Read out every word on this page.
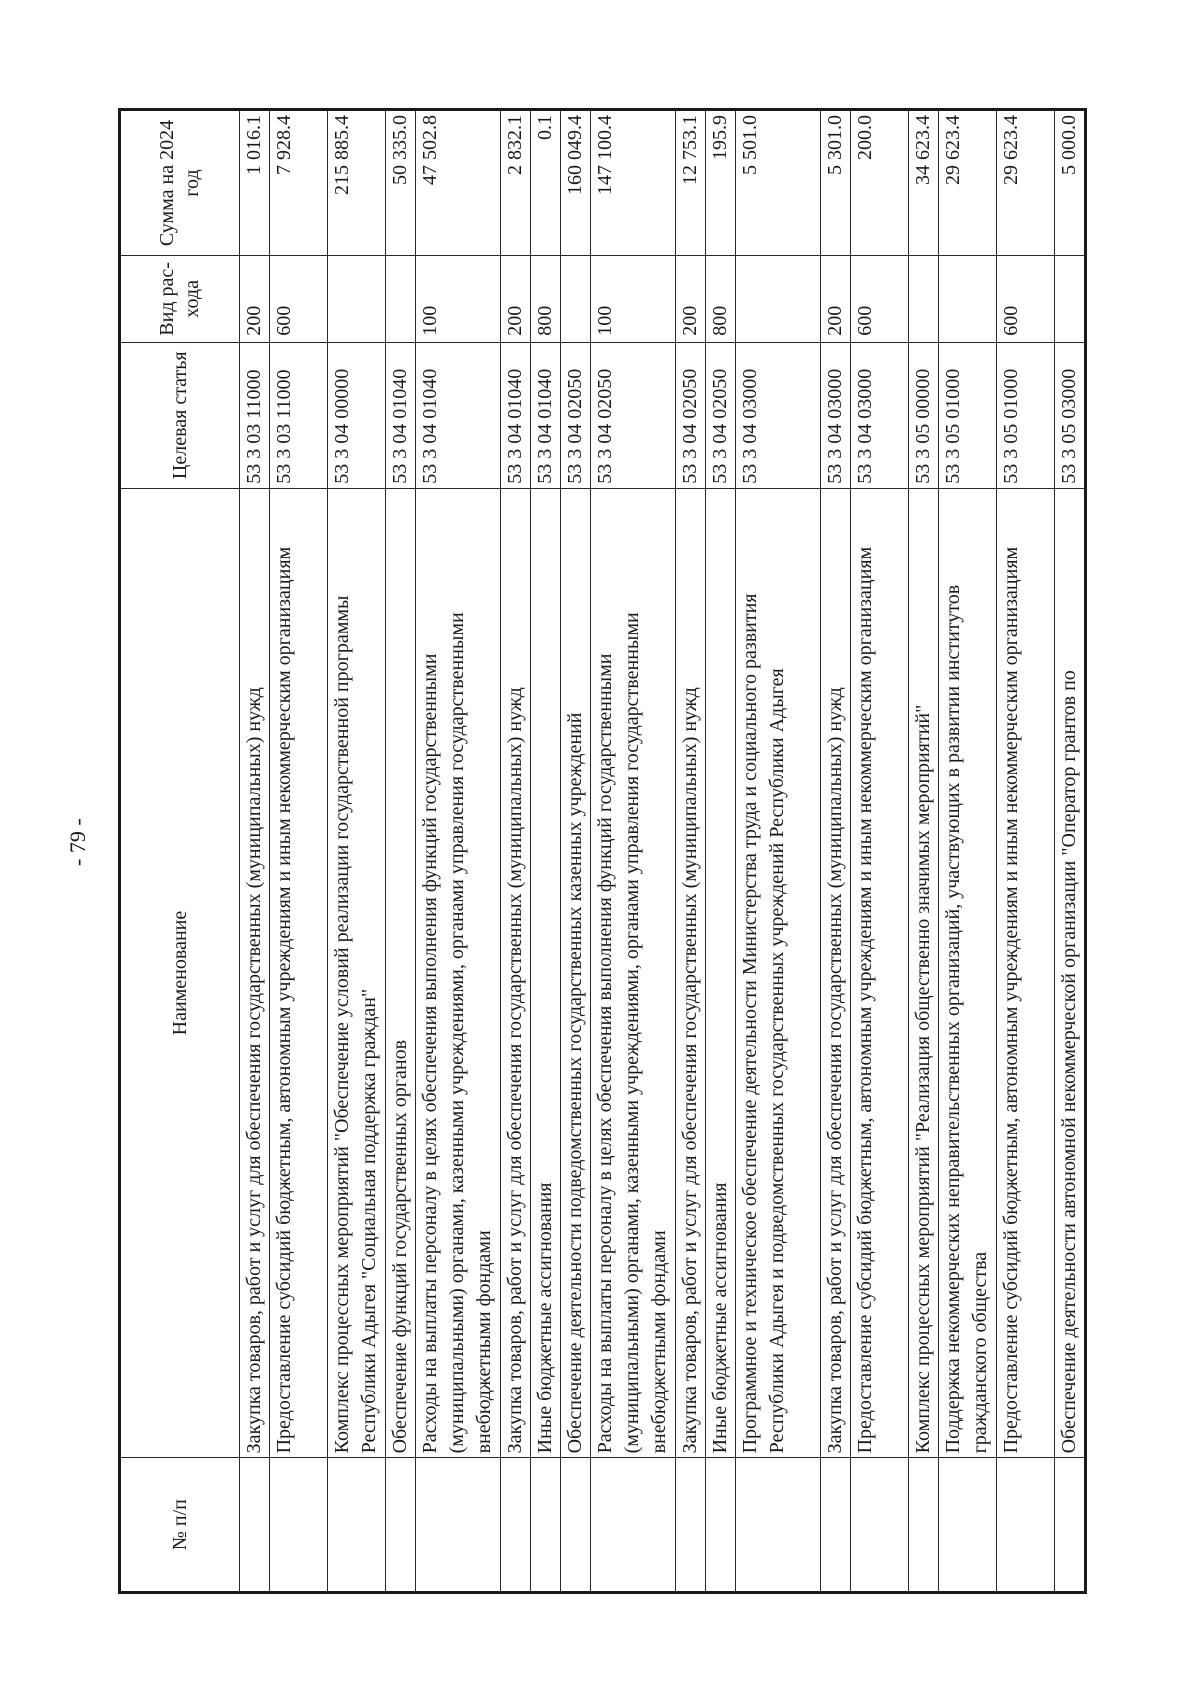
- 79 -
№ п/п	Наименование	Целевая статья	Вид рас-хода	Сумма на 2024 год
	Закупка товаров, работ и услуг для обеспечения государственных (муниципальных) нужд	53 3 03 11000	200	1 016.1
	Предоставление субсидий бюджетным, автономным учреждениям и иным некоммерческим организациям	53 3 03 11000	600	7 928.4
	Комплекс процессных мероприятий "Обеспечение условий реализации государственной программы Республики Адыгея "Социальная поддержка граждан"	53 3 04 00000		215 885.4
	Обеспечение функций государственных органов	53 3 04 01040		50 335.0
	Расходы на выплаты персоналу в целях обеспечения выполнения функций государственными (муниципальными) органами, казенными учреждениями, органами управления государственными внебюджетными фондами	53 3 04 01040	100	47 502.8
	Закупка товаров, работ и услуг для обеспечения государственных (муниципальных) нужд	53 3 04 01040	200	2 832.1
	Иные бюджетные ассигнования	53 3 04 01040	800	0.1
	Обеспечение деятельности подведомственных государственных казенных учреждений	53 3 04 02050		160 049.4
	Расходы на выплаты персоналу в целях обеспечения выполнения функций государственными (муниципальными) органами, казенными учреждениями, органами управления государственными внебюджетными фондами	53 3 04 02050	100	147 100.4
	Закупка товаров, работ и услуг для обеспечения государственных (муниципальных) нужд	53 3 04 02050	200	12 753.1
	Иные бюджетные ассигнования	53 3 04 02050	800	195.9
	Программное и техническое обеспечение деятельности Министерства труда и социального развития Республики Адыгея и подведомственных государственных учреждений Республики Адыгея	53 3 04 03000		5 501.0
	Закупка товаров, работ и услуг для обеспечения государственных (муниципальных) нужд	53 3 04 03000	200	5 301.0
	Предоставление субсидий бюджетным, автономным учреждениям и иным некоммерческим организациям	53 3 04 03000	600	200.0
	Комплекс процессных мероприятий "Реализация общественно значимых мероприятий"	53 3 05 00000		34 623.4
	Поддержка некоммерческих неправительственных организаций, участвующих в развитии институтов гражданского общества	53 3 05 01000		29 623.4
	Предоставление субсидий бюджетным, автономным учреждениям и иным некоммерческим организациям	53 3 05 01000	600	29 623.4
	Обеспечение деятельности автономной некоммерческой организации "Оператор грантов по	53 3 05 03000		5 000.0
